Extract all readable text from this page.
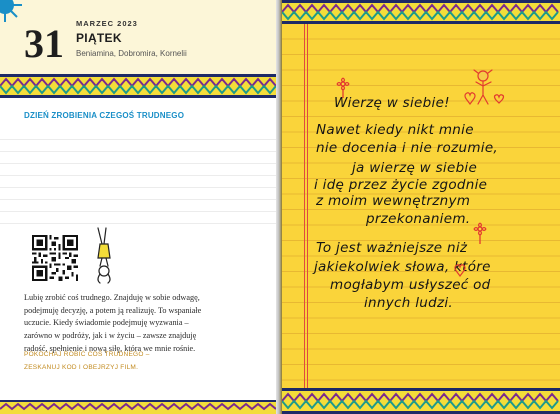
31 MARZEC 2023
PIĄTEK
Beniamina, Dobromira, Kornelii
DZIEŃ ZROBIENIA CZEGOŚ TRUDNEGO

Lubię zrobić coś trudnego. Znajduję w sobie odwagę,

podejmuję decyzję, a potem ją realizuję. To wspaniałe

uczucie. Kiedy świadomie podejmuję wyzwania –

zarówno w podróży, jak i w życiu – zawsze znajduję

radość, spełnienie i nową siłę, która we mnie rośnie.

POKOCHAJ ROBIĆ COŚ TRUDNEGO –
ZESKANUJ KOD I OBEJRZYJ FILM.
Wierzę w siebie!
Nawet kiedy nikt mnie
nie docenia i nie rozumie,
ja wierzę w siebie
i idę przez życie zgodnie
z moim wewnętrznym
przekonaniem.
To jest ważniejsze niż
jakiekolwiek słowa, które
mogłabym usłyszeć od
innych ludzi.
